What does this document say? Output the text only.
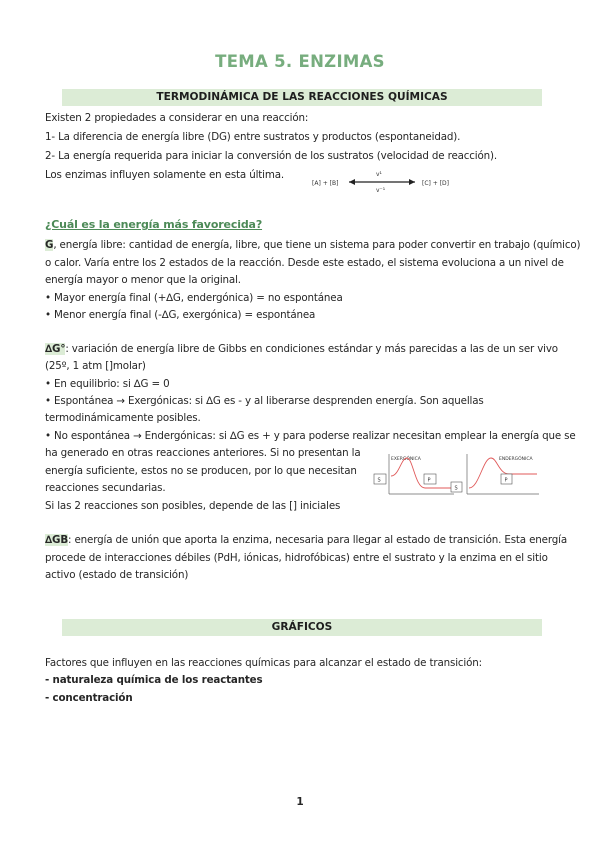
TEMA 5. ENZIMAS
TERMODINÁMICA DE LAS REACCIONES QUÍMICAS
Existen 2 propiedades a considerar en una reacción:
1- La diferencia de energía libre (DG) entre sustratos y productos (espontaneidad).
2- La energía requerida para iniciar la conversión de los sustratos (velocidad de reacción).
Los enzimas influyen solamente en esta última.
[A] + [B]
v¹
v⁻¹
[C] + [D]
¿Cuál es la energía más favorecida?
G, energía libre: cantidad de energía, libre, que tiene un sistema para poder convertir en trabajo (químico)
o calor. Varía entre los 2 estados de la reacción. Desde este estado, el sistema evoluciona a un nivel de
energía mayor o menor que la original.
• Mayor energía final (+∆G, endergónica) = no espontánea
• Menor energía final (-∆G, exergónica) = espontánea
∆G°: variación de energía libre de Gibbs en condiciones estándar y más parecidas a las de un ser vivo
(25º, 1 atm []molar)
• En equilibrio: si ∆G = 0
• Espontánea → Exergónicas: si ∆G es - y al liberarse desprenden energía. Son aquellas
termodinámicamente posibles.
• No espontánea → Endergónicas: si ∆G es + y para poderse realizar necesitan emplear la energía que se
ha generado en otras reacciones anteriores. Si no presentan la
energía suficiente, estos no se producen, por lo que necesitan
reacciones secundarias.
Si las 2 reacciones son posibles, depende de las [] iniciales
EXERGÓNICA
S	P
ENDERGÓNICA
S
P
∆GB: energía de unión que aporta la enzima, necesaria para llegar al estado de transición. Esta energía
procede de interacciones débiles (PdH, iónicas, hidrofóbicas) entre el sustrato y la enzima en el sitio
activo (estado de transición)
GRÁFICOS
Factores que influyen en las reacciones químicas para alcanzar el estado de transición:
- naturaleza química de los reactantes
- concentración
1
